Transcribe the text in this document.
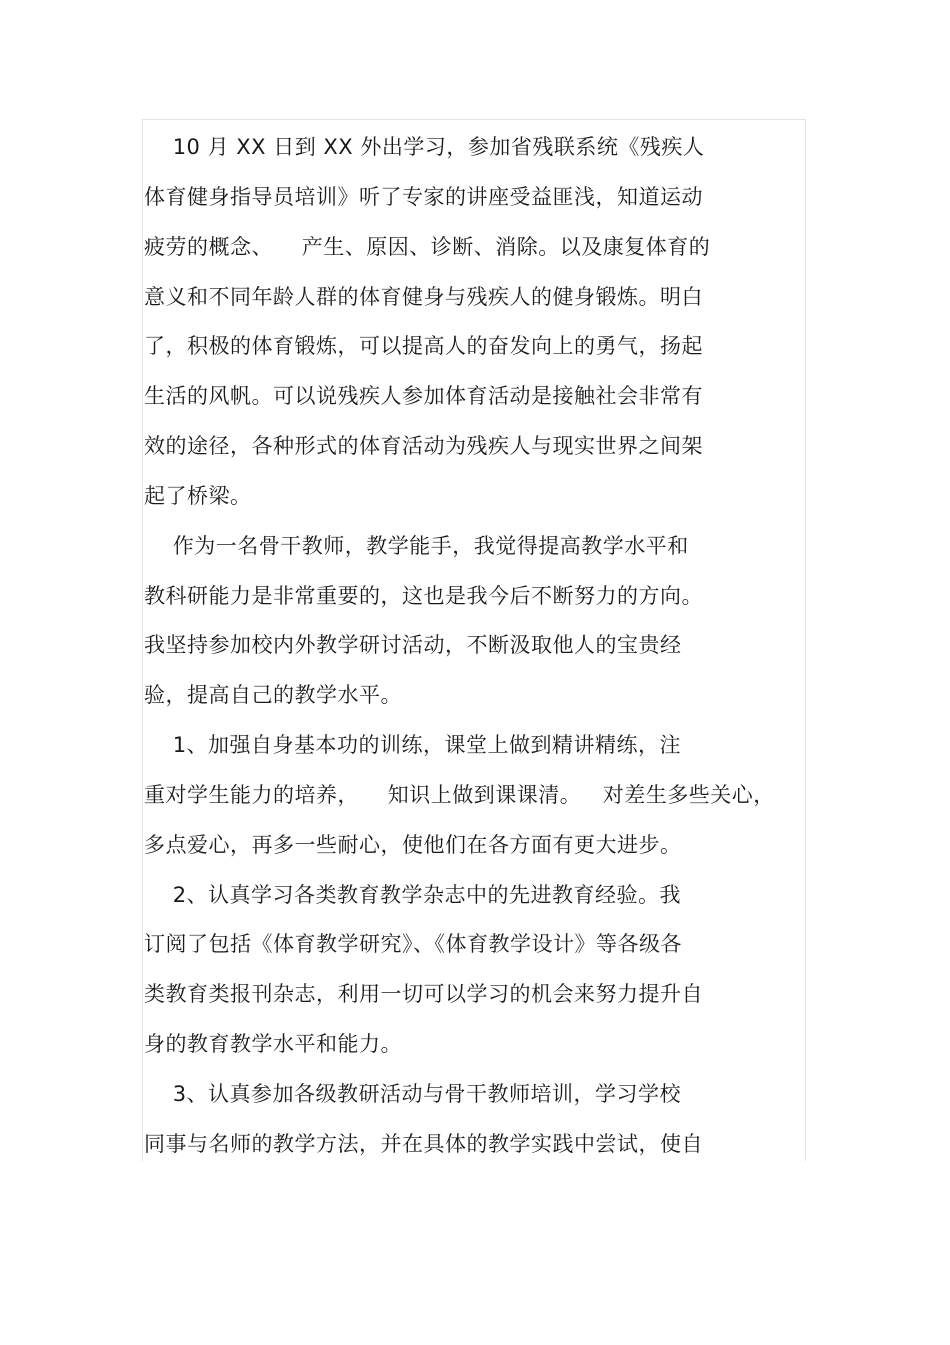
10 月 XX 日到 XX 外出学习，参加省残联系统《残疾人
体育健身指导员培训》听了专家的讲座受益匪浅，知道运动
疲劳的概念、    产生、原因、诊断、消除。以及康复体育的
意义和不同年龄人群的体育健身与残疾人的健身锻炼。明白
了，积极的体育锻炼，可以提高人的奋发向上的勇气，扬起
生活的风帆。可以说残疾人参加体育活动是接触社会非常有
效的途径，各种形式的体育活动为残疾人与现实世界之间架
起了桥梁。
作为一名骨干教师，教学能手，我觉得提高教学水平和
教科研能力是非常重要的，这也是我今后不断努力的方向。
我坚持参加校内外教学研讨活动，不断汲取他人的宝贵经
验，提高自己的教学水平。
1、加强自身基本功的训练，课堂上做到精讲精练，注
重对学生能力的培养，    知识上做到课课清。   对差生多些关心，
多点爱心，再多一些耐心，使他们在各方面有更大进步。
2、认真学习各类教育教学杂志中的先进教育经验。我
订阅了包括《体育教学研究》、《体育教学设计》等各级各
类教育类报刊杂志，利用一切可以学习的机会来努力提升自
身的教育教学水平和能力。
3、认真参加各级教研活动与骨干教师培训，学习学校
同事与名师的教学方法，并在具体的教学实践中尝试，使自
